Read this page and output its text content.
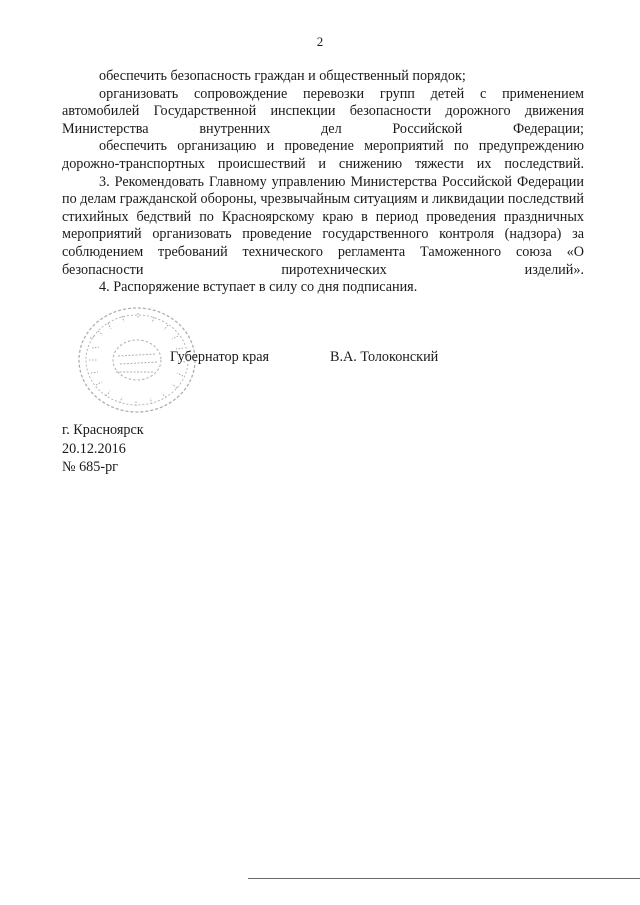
2

обеспечить безопасность граждан и общественный порядок;

организовать сопровождение перевозки групп детей с применением автомобилей Государственной инспекции безопасности дорожного движения Министерства внутренних дел Российской Федерации;

обеспечить организацию и проведение мероприятий по предупреждению дорожно-транспортных происшествий и снижению тяжести их последствий.

3. Рекомендовать Главному управлению Министерства Российской Федерации по делам гражданской обороны, чрезвычайным ситуациям и ликвидации последствий стихийных бедствий по Красноярскому краю в период проведения праздничных мероприятий организовать проведение государственного контроля (надзора) за соблюдением требований технического регламента Таможенного союза «О безопасности пиротехнических изделий».

4. Распоряжение вступает в силу со дня подписания.

Губернатор края	В.А. Толоконский
г. Красноярск
20.12.2016
№ 685-рг
